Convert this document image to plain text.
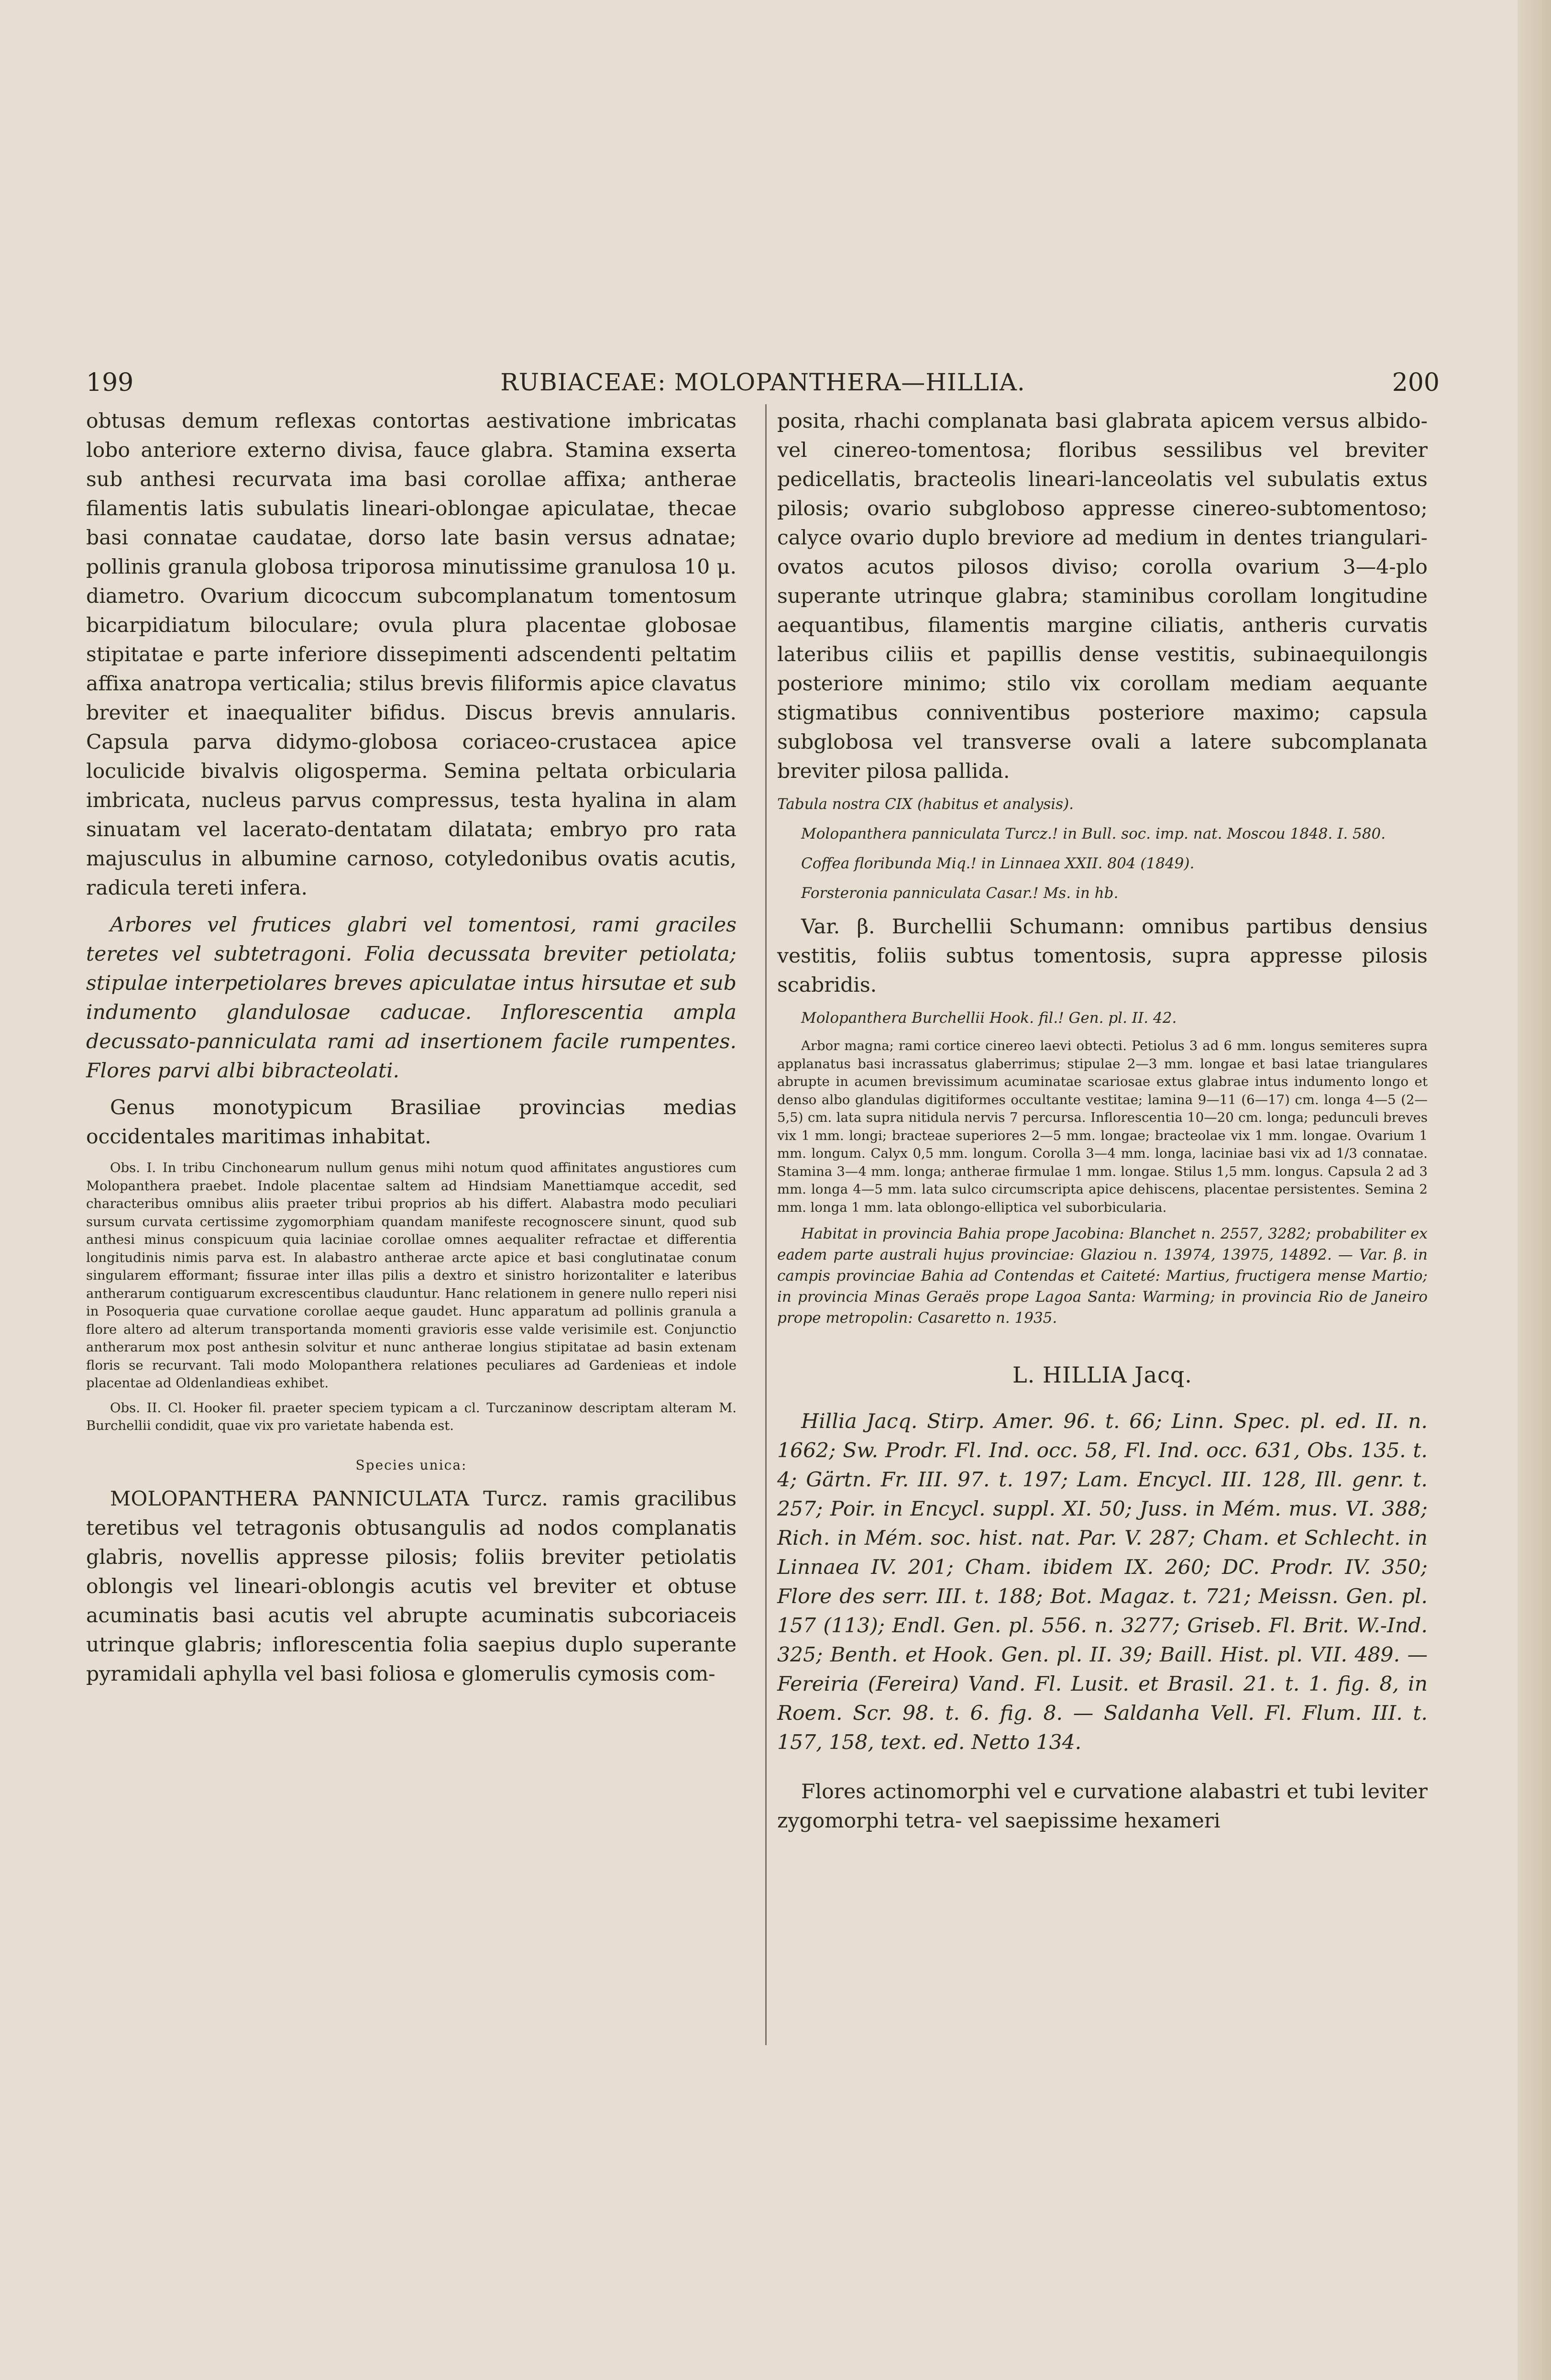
199	RUBIACEAE: MOLOPANTHERA—HILLIA.	200

obtusas demum reflexas contortas aestivatione imbricatas lobo anteriore externo divisa, fauce glabra. Stamina exserta sub anthesi recurvata ima basi corollae affixa; antherae filamentis latis subulatis lineari-oblongae apiculatae, thecae basi connatae caudatae, dorso late basin versus adnatae; pollinis granula globosa triporosa minutissime granulosa 10 μ. diametro. Ovarium dicoccum subcomplanatum tomentosum bicarpidiatum biloculare; ovula plura placentae globosae stipitatae e parte inferiore dissepimenti adscendenti peltatim affixa anatropa verticalia; stilus brevis filiformis apice clavatus breviter et inaequaliter bifidus. Discus brevis annularis. Capsula parva didymo-globosa coriaceo-crustacea apice loculicide bivalvis oligosperma. Semina peltata orbicularia imbricata, nucleus parvus compressus, testa hyalina in alam sinuatam vel lacerato-dentatam dilatata; embryo pro rata majusculus in albumine carnoso, cotyledonibus ovatis acutis, radicula tereti infera.

Arbores vel frutices glabri vel tomentosi, rami graciles teretes vel subtetragoni. Folia decussata breviter petiolata; stipulae interpetiolares breves apiculatae intus hirsutae et sub indumento glandulosae caducae. Inflorescentia ampla decussato-panniculata rami ad insertionem facile rumpentes. Flores parvi albi bibracteolati.

Genus monotypicum Brasiliae provincias medias occidentales maritimas inhabitat.

Obs. I. In tribu Cinchonearum nullum genus mihi notum quod affinitates angustiores cum Molopanthera praebet. Indole placentae saltem ad Hindsiam Manettiamque accedit, sed characteribus omnibus aliis praeter tribui proprios ab his differt. Alabastra modo peculiari sursum curvata certissime zygomorphiam quandam manifeste recognoscere sinunt, quod sub anthesi minus conspicuum quia laciniae corollae omnes aequaliter refractae et differentia longitudinis nimis parva est. In alabastro antherae arcte apice et basi conglutinatae conum singularem efformant; fissurae inter illas pilis a dextro et sinistro horizontaliter e lateribus antherarum contiguarum excrescentibus clauduntur. Hanc relationem in genere nullo reperi nisi in Posoqueria quae curvatione corollae aeque gaudet. Hunc apparatum ad pollinis granula a flore altero ad alterum transportanda momenti gravioris esse valde verisimile est. Conjunctio antherarum mox post anthesin solvitur et nunc antherae longius stipitatae ad basin extenam floris se recurvant. Tali modo Molopanthera relationes peculiares ad Gardenieas et indole placentae ad Oldenlandieas exhibet.

Obs. II. Cl. Hooker fil. praeter speciem typicam a cl. Turczaninow descriptam alteram M. Burchellii condidit, quae vix pro varietate habenda est.

Species unica:

MOLOPANTHERA PANNICULATA Turcz. ramis gracilibus teretibus vel tetragonis obtusangulis ad nodos complanatis glabris, novellis appresse pilosis; foliis breviter petiolatis oblongis vel lineari-oblongis acutis vel breviter et obtuse acuminatis basi acutis vel abrupte acuminatis subcoriaceis utrinque glabris; inflorescentia folia saepius duplo superante pyramidali aphylla vel basi foliosa e glomerulis cymosis com-

posita, rhachi complanata basi glabrata apicem versus albido-vel cinereo-tomentosa; floribus sessilibus vel breviter pedicellatis, bracteolis lineari-lanceolatis vel subulatis extus pilosis; ovario subgloboso appresse cinereo-subtomentoso; calyce ovario duplo breviore ad medium in dentes triangulari-ovatos acutos pilosos diviso; corolla ovarium 3—4-plo superante utrinque glabra; staminibus corollam longitudine aequantibus, filamentis margine ciliatis, antheris curvatis lateribus ciliis et papillis dense vestitis, subinaequilongis posteriore minimo; stilo vix corollam mediam aequante stigmatibus conniventibus posteriore maximo; capsula subglobosa vel transverse ovali a latere subcomplanata breviter pilosa pallida.

Tabula nostra CIX (habitus et analysis).

Molopanthera panniculata Turcz.! in Bull. soc. imp. nat. Moscou 1848. I. 580.

Coffea floribunda Miq.! in Linnaea XXII. 804 (1849).

Forsteronia panniculata Casar.! Ms. in hb.

Var. β. Burchellii Schumann: omnibus partibus densius vestitis, foliis subtus tomentosis, supra appresse pilosis scabridis.

Molopanthera Burchellii Hook. fil.! Gen. pl. II. 42.

Arbor magna; rami cortice cinereo laevi obtecti. Petiolus 3 ad 6 mm. longus semiteres supra applanatus basi incrassatus glaberrimus; stipulae 2—3 mm. longae et basi latae triangulares abrupte in acumen brevissimum acuminatae scariosae extus glabrae intus indumento longo et denso albo glandulas digitiformes occultante vestitae; lamina 9—11 (6—17) cm. longa 4—5 (2—5,5) cm. lata supra nitidula nervis 7 percursa. Inflorescentia 10—20 cm. longa; pedunculi breves vix 1 mm. longi; bracteae superiores 2—5 mm. longae; bracteolae vix 1 mm. longae. Ovarium 1 mm. longum. Calyx 0,5 mm. longum. Corolla 3—4 mm. longa, laciniae basi vix ad 1/3 connatae. Stamina 3—4 mm. longa; antherae firmulae 1 mm. longae. Stilus 1,5 mm. longus. Capsula 2 ad 3 mm. longa 4—5 mm. lata sulco circumscripta apice dehiscens, placentae persistentes. Semina 2 mm. longa 1 mm. lata oblongo-elliptica vel suborbicularia.

Habitat in provincia Bahia prope Jacobina: Blanchet n. 2557, 3282; probabiliter ex eadem parte australi hujus provinciae: Glaziou n. 13974, 13975, 14892. — Var. β. in campis provinciae Bahia ad Contendas et Caiteté: Martius, fructigera mense Martio; in provincia Minas Geraës prope Lagoa Santa: Warming; in provincia Rio de Janeiro prope metropolin: Casaretto n. 1935.

L. HILLIA Jacq.

Hillia Jacq. Stirp. Amer. 96. t. 66; Linn. Spec. pl. ed. II. n. 1662; Sw. Prodr. Fl. Ind. occ. 58, Fl. Ind. occ. 631, Obs. 135. t. 4; Gärtn. Fr. III. 97. t. 197; Lam. Encycl. III. 128, Ill. genr. t. 257; Poir. in Encycl. suppl. XI. 50; Juss. in Mém. mus. VI. 388; Rich. in Mém. soc. hist. nat. Par. V. 287; Cham. et Schlecht. in Linnaea IV. 201; Cham. ibidem IX. 260; DC. Prodr. IV. 350; Flore des serr. III. t. 188; Bot. Magaz. t. 721; Meissn. Gen. pl. 157 (113); Endl. Gen. pl. 556. n. 3277; Griseb. Fl. Brit. W.-Ind. 325; Benth. et Hook. Gen. pl. II. 39; Baill. Hist. pl. VII. 489. — Fereiria (Fereira) Vand. Fl. Lusit. et Brasil. 21. t. 1. fig. 8, in Roem. Scr. 98. t. 6. fig. 8. — Saldanha Vell. Fl. Flum. III. t. 157, 158, text. ed. Netto 134.

Flores actinomorphi vel e curvatione alabastri et tubi leviter zygomorphi tetra- vel saepissime hexameri
